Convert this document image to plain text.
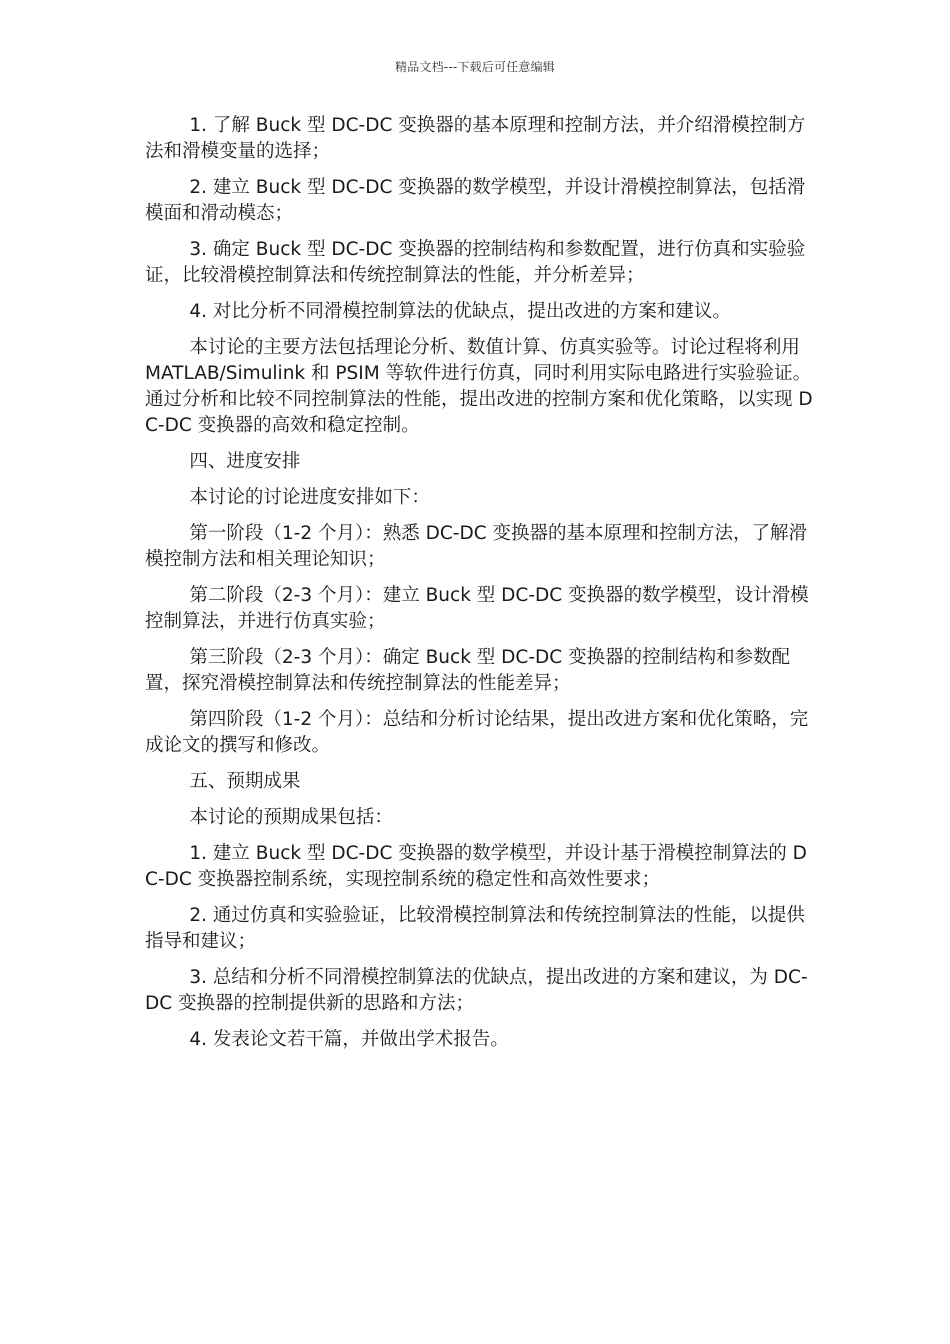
精品文档---下载后可任意编辑

1. 了解 Buck 型 DC-DC 变换器的基本原理和控制方法，并介绍滑模控制方法和滑模变量的选择；

2. 建立 Buck 型 DC-DC 变换器的数学模型，并设计滑模控制算法，包括滑模面和滑动模态；

3. 确定 Buck 型 DC-DC 变换器的控制结构和参数配置，进行仿真和实验验证，比较滑模控制算法和传统控制算法的性能，并分析差异；

4. 对比分析不同滑模控制算法的优缺点，提出改进的方案和建议。

本讨论的主要方法包括理论分析、数值计算、仿真实验等。讨论过程将利用 MATLAB/Simulink 和 PSIM 等软件进行仿真，同时利用实际电路进行实验验证。通过分析和比较不同控制算法的性能，提出改进的控制方案和优化策略，以实现 DC-DC 变换器的高效和稳定控制。

四、进度安排

本讨论的讨论进度安排如下：

第一阶段（1-2 个月）：熟悉 DC-DC 变换器的基本原理和控制方法，了解滑模控制方法和相关理论知识；

第二阶段（2-3 个月）：建立 Buck 型 DC-DC 变换器的数学模型，设计滑模控制算法，并进行仿真实验；

第三阶段（2-3 个月）：确定 Buck 型 DC-DC 变换器的控制结构和参数配置，探究滑模控制算法和传统控制算法的性能差异；

第四阶段（1-2 个月）：总结和分析讨论结果，提出改进方案和优化策略，完成论文的撰写和修改。

五、预期成果

本讨论的预期成果包括：

1. 建立 Buck 型 DC-DC 变换器的数学模型，并设计基于滑模控制算法的 DC-DC 变换器控制系统，实现控制系统的稳定性和高效性要求；

2. 通过仿真和实验验证，比较滑模控制算法和传统控制算法的性能，以提供指导和建议；

3. 总结和分析不同滑模控制算法的优缺点，提出改进的方案和建议，为 DC-DC 变换器的控制提供新的思路和方法；

4. 发表论文若干篇，并做出学术报告。
